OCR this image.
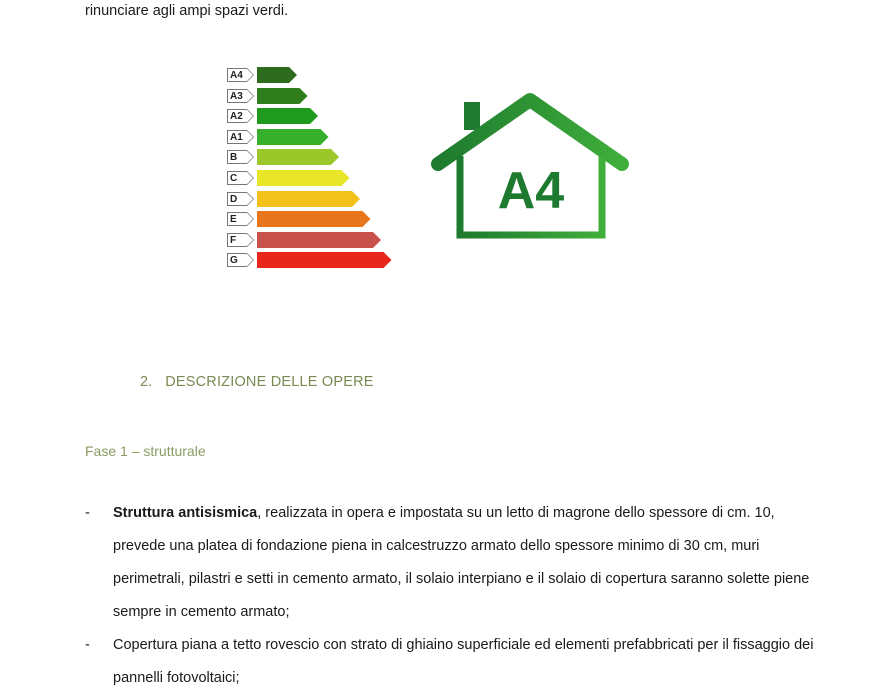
rinunciare agli ampi spazi verdi.
A4
A3
A2
A1
B
C
D
E
F
G
A4
2. DESCRIZIONE DELLE OPERE
Fase 1 – strutturale
- Struttura antisismica, realizzata in opera e impostata su un letto di magrone dello spessore di cm. 10, prevede una platea di fondazione piena in calcestruzzo armato dello spessore minimo di 30 cm, muri perimetrali, pilastri e setti in cemento armato, il solaio interpiano e il solaio di copertura saranno solette piene sempre in cemento armato;
- Copertura piana a tetto rovescio con strato di ghiaino superficiale ed elementi prefabbricati per il fissaggio dei pannelli fotovoltaici;
